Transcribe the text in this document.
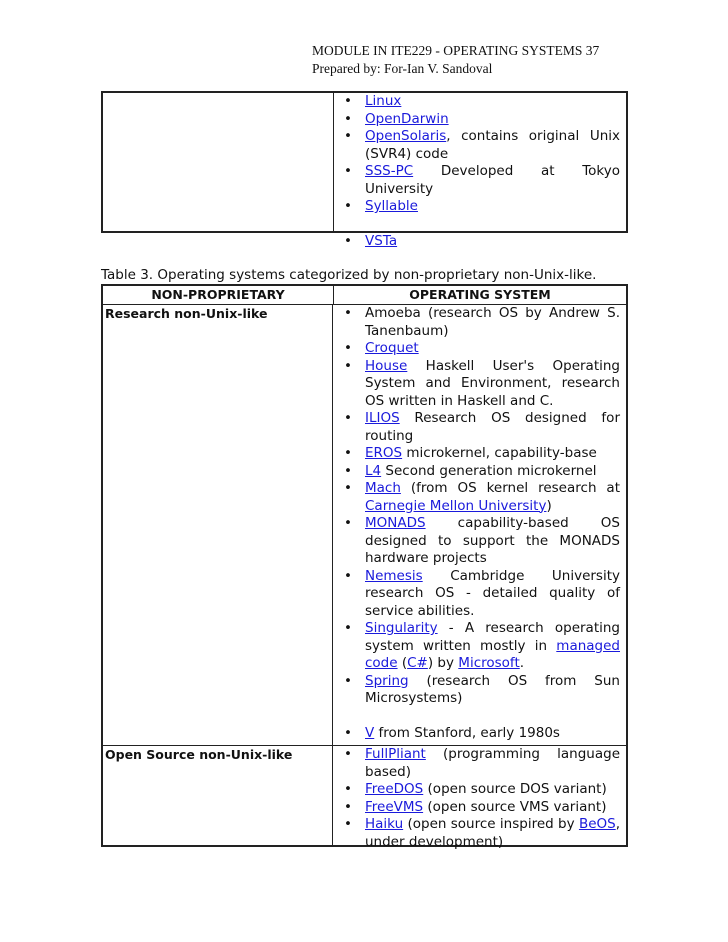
MODULE IN ITE229 - OPERATING SYSTEMS 37
Prepared by: For-Ian V. Sandoval
• Linux
• OpenDarwin
• OpenSolaris, contains original Unix (SVR4) code
• SSS-PC Developed at Tokyo University
• Syllable
• VSTa
Table 3. Operating systems categorized by non-proprietary non-Unix-like.
NON-PROPRIETARY	OPERATING SYSTEM
Research non-Unix-like	• Amoeba (research OS by Andrew S. Tanenbaum)
• Croquet
• House Haskell User's Operating System and Environment, research OS written in Haskell and C.
• ILIOS Research OS designed for routing
• EROS microkernel, capability-base
• L4 Second generation microkernel
• Mach (from OS kernel research at Carnegie Mellon University)
• MONADS capability-based OS designed to support the MONADS hardware projects
• Nemesis Cambridge University research OS - detailed quality of service abilities.
• Singularity - A research operating system written mostly in managed code (C#) by Microsoft.
• Spring (research OS from Sun Microsystems)
• V from Stanford, early 1980s
Open Source non-Unix-like	• FullPliant (programming language based)
• FreeDOS (open source DOS variant)
• FreeVMS (open source VMS variant)
• Haiku (open source inspired by BeOS, under development)
